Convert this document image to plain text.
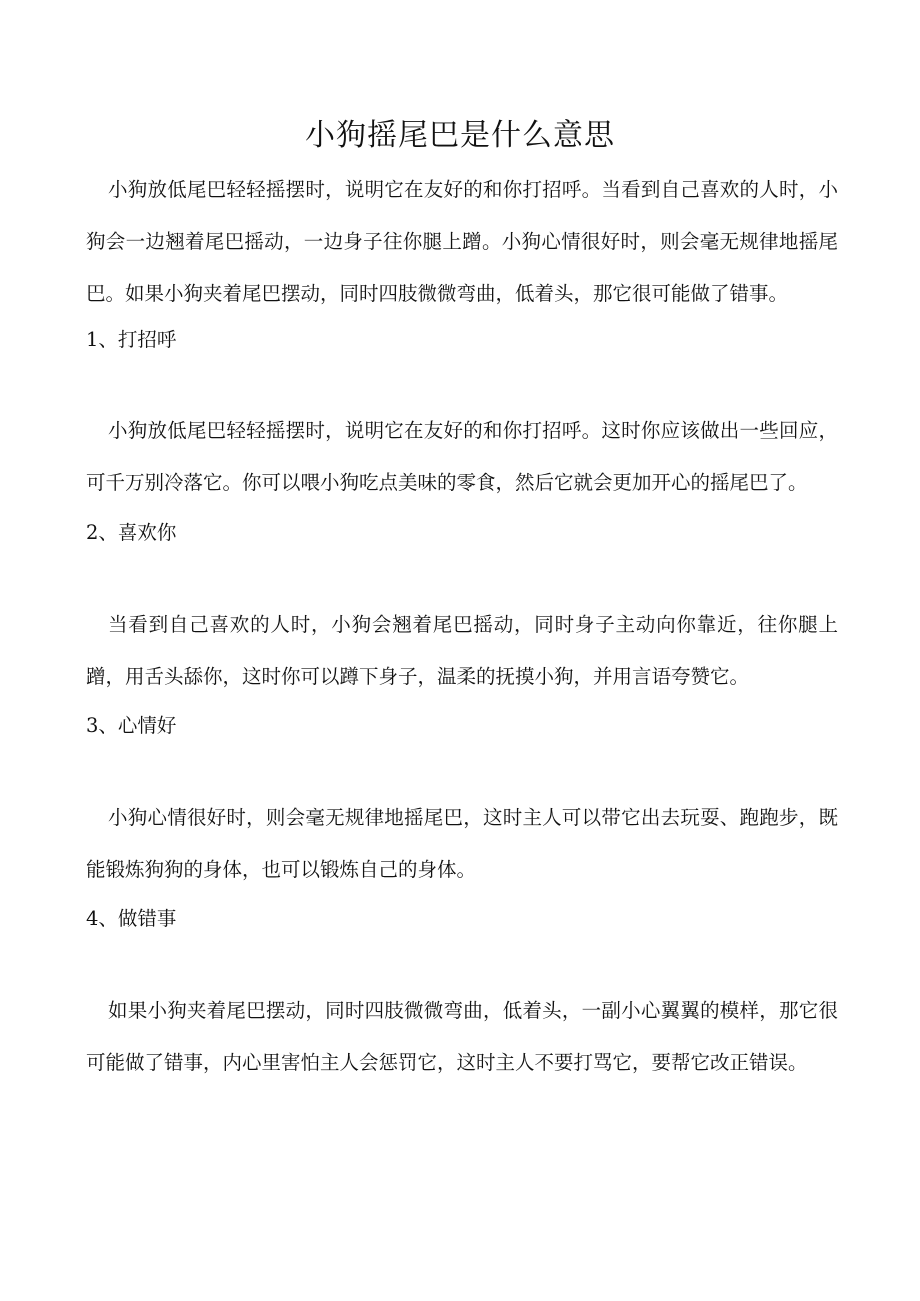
小狗摇尾巴是什么意思

小狗放低尾巴轻轻摇摆时，说明它在友好的和你打招呼。当看到自己喜欢的人时，小狗会一边翘着尾巴摇动，一边身子往你腿上蹭。小狗心情很好时，则会毫无规律地摇尾巴。如果小狗夹着尾巴摆动，同时四肢微微弯曲，低着头，那它很可能做了错事。

1、打招呼

小狗放低尾巴轻轻摇摆时，说明它在友好的和你打招呼。这时你应该做出一些回应，可千万别冷落它。你可以喂小狗吃点美味的零食，然后它就会更加开心的摇尾巴了。

2、喜欢你

当看到自己喜欢的人时，小狗会翘着尾巴摇动，同时身子主动向你靠近，往你腿上蹭，用舌头舔你，这时你可以蹲下身子，温柔的抚摸小狗，并用言语夸赞它。

3、心情好

小狗心情很好时，则会毫无规律地摇尾巴，这时主人可以带它出去玩耍、跑跑步，既能锻炼狗狗的身体，也可以锻炼自己的身体。

4、做错事

如果小狗夹着尾巴摆动，同时四肢微微弯曲，低着头，一副小心翼翼的模样，那它很可能做了错事，内心里害怕主人会惩罚它，这时主人不要打骂它，要帮它改正错误。
